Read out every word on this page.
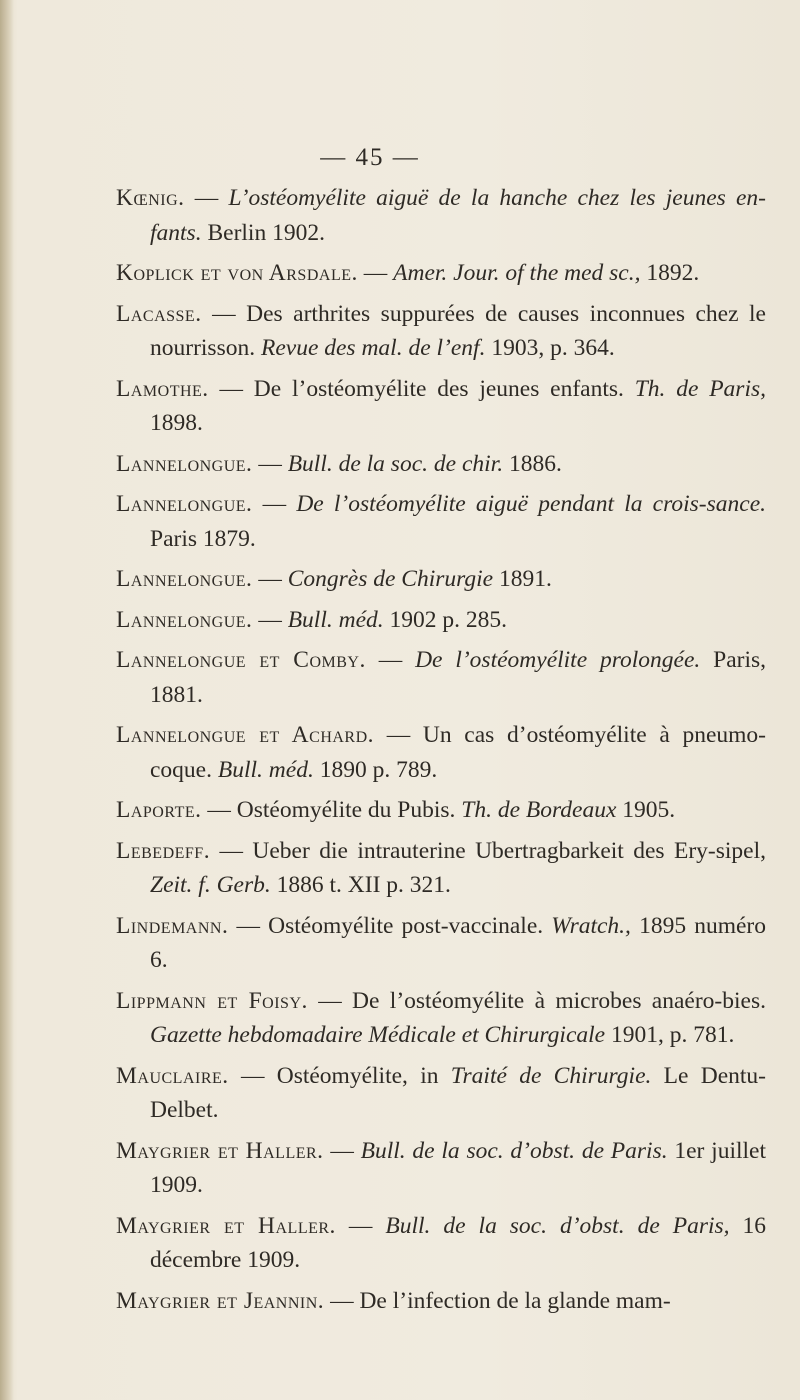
— 45 —

Kœnig. — L’ostéomyélite aiguë de la hanche chez les jeunes en-fants. Berlin 1902.

Koplick et von Arsdale. — Amer. Jour. of the med sc., 1892.

Lacasse. — Des arthrites suppurées de causes inconnues chez le nourrisson. Revue des mal. de l’enf. 1903, p. 364.

Lamothe. — De l’ostéomyélite des jeunes enfants. Th. de Paris, 1898.

Lannelongue. — Bull. de la soc. de chir. 1886.

Lannelongue. — De l’ostéomyélite aiguë pendant la crois-sance. Paris 1879.

Lannelongue. — Congrès de Chirurgie 1891.

Lannelongue. — Bull. méd. 1902 p. 285.

Lannelongue et Comby. — De l’ostéomyélite prolongée. Paris, 1881.

Lannelongue et Achard. — Un cas d’ostéomyélite à pneumo-coque. Bull. méd. 1890 p. 789.

Laporte. — Ostéomyélite du Pubis. Th. de Bordeaux 1905.

Lebedeff. — Ueber die intrauterine Ubertragbarkeit des Ery-sipel, Zeit. f. Gerb. 1886 t. XII p. 321.

Lindemann. — Ostéomyélite post-vaccinale. Wratch., 1895 numéro 6.

Lippmann et Foisy. — De l’ostéomyélite à microbes anaéro-bies. Gazette hebdomadaire Médicale et Chirurgicale 1901, p. 781.

Mauclaire. — Ostéomyélite, in Traité de Chirurgie. Le Dentu-Delbet.

Maygrier et Haller. — Bull. de la soc. d’obst. de Paris. 1er juillet 1909.

Maygrier et Haller. — Bull. de la soc. d’obst. de Paris, 16 décembre 1909.

Maygrier et Jeannin. — De l’infection de la glande mam-
